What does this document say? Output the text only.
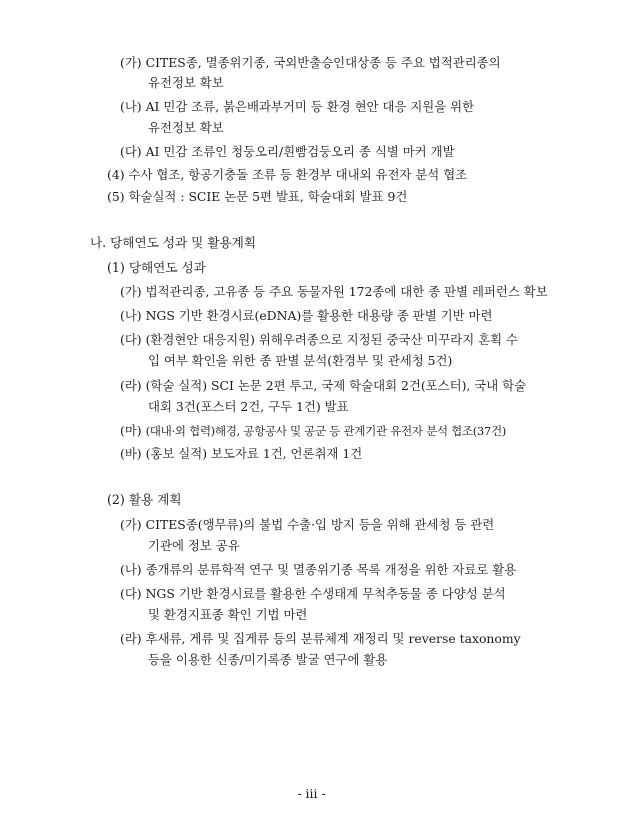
(가) CITES종, 멸종위기종, 국외반출승인대상종 등 주요 법적관리종의
유전정보 확보
(나) AI 민감 조류, 붉은배과부거미 등 환경 현안 대응 지원을 위한
유전정보 확보
(다) AI 민감 조류인 청둥오리/흰빰검둥오리 종 식별 마커 개발
(4) 수사 협조, 항공기충돌 조류 등 환경부 대내외 유전자 분석 협조
(5) 학술실적 : SCIE 논문 5편 발표, 학술대회 발표 9건
나. 당해연도 성과 및 활용계획
(1) 당해연도 성과
(가) 법적관리종, 고유종 등 주요 동물자원 172종에 대한 종 판별 레퍼런스 확보
(나) NGS 기반 환경시료(eDNA)를 활용한 대용량 종 판별 기반 마련
(다) (환경현안 대응지원) 위해우려종으로 지정된 중국산 미꾸라지 혼획 수
입 여부 확인을 위한 종 판별 분석(환경부 및 관세청 5건)
(라) (학술 실적) SCI 논문 2편 투고, 국제 학술대회 2건(포스터), 국내 학술
대회 3건(포스터 2건, 구두 1건) 발표
(마) (대내·외 협력)해경, 공항공사 및 공군 등 관계기관 유전자 분석 협조(37건)
(바) (홍보 실적) 보도자료 1건, 언론취재 1건
(2) 활용 계획
(가) CITES종(앵무류)의 불법 수출·입 방지 등을 위해 관세청 등 관련
기관에 정보 공유
(나) 종개류의 분류학적 연구 및 멸종위기종 목록 개정을 위한 자료로 활용
(다) NGS 기반 환경시료를 활용한 수생태계 무척추동물 종 다양성 분석
및 환경지표종 확인 기법 마련
(라) 후새류, 게류 및 집게류 등의 분류체계 재정리 및 reverse taxonomy
등을 이용한 신종/미기록종 발굴 연구에 활용
- iii -
